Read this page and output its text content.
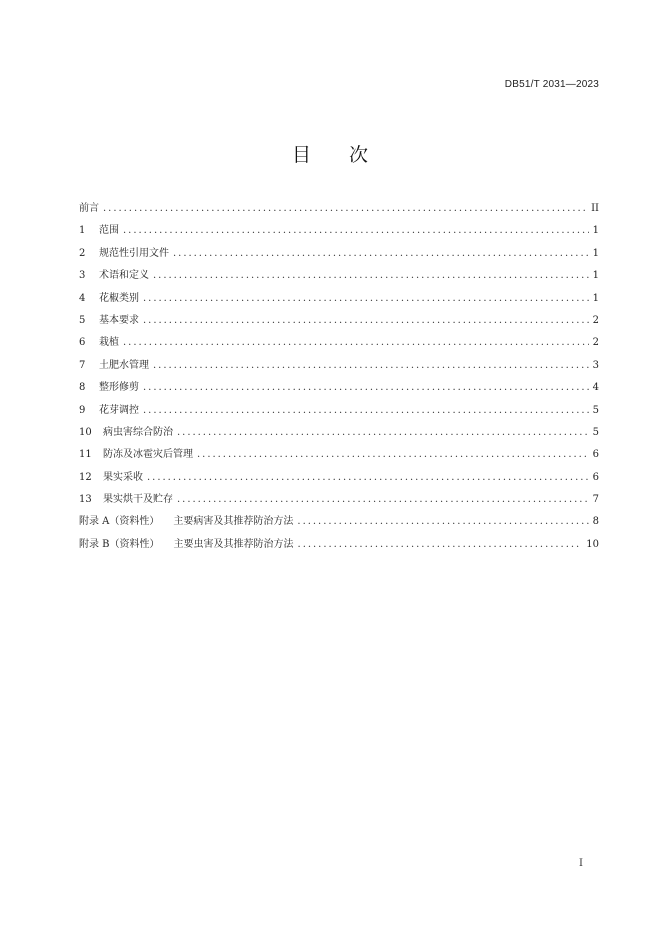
DB51/T 2031—2023
目 次
前言 . . .	II
1	范围 . . .	1
2	规范性引用文件 . . .	1
3	术语和定义 . . .	1
4	花椒类别 . . .	1
5	基本要求 . . .	2
6	栽植 . . .	2
7	土肥水管理 . . .	3
8	整形修剪 . . .	4
9	花芽调控 . . .	5
10	病虫害综合防治 . . .	5
11	防冻及冰雹灾后管理 . . .	6
12	果实采收 . . .	6
13	果实烘干及贮存 . . .	7
附录 A（资料性） 主要病害及其推荐防治方法 . . .	8
附录 B（资料性） 主要虫害及其推荐防治方法 . . .	10
I
